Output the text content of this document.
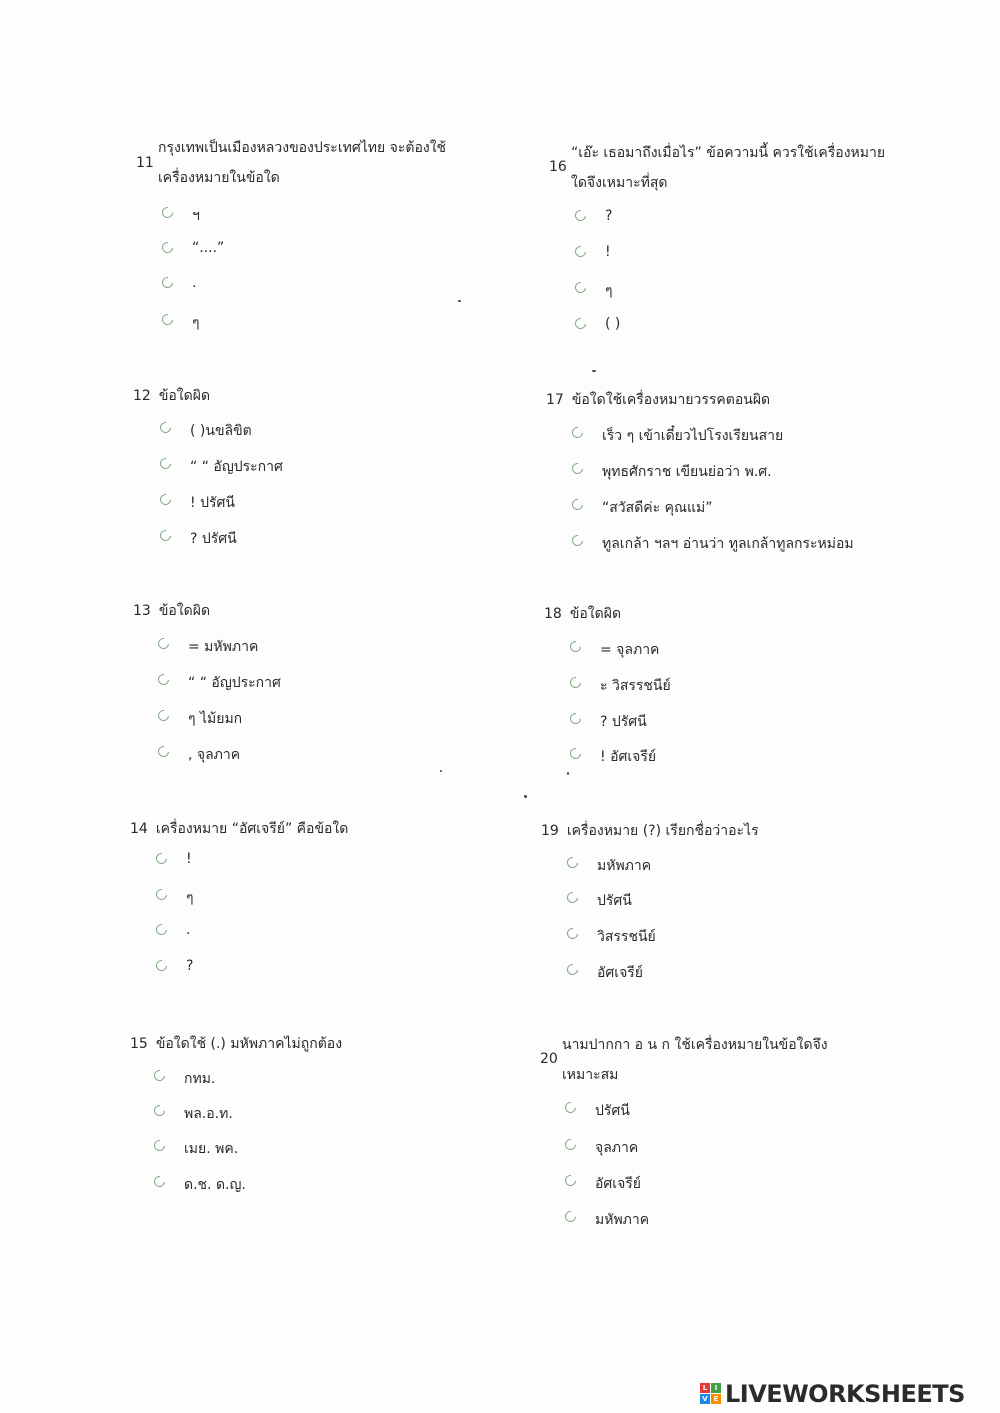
11
กรุงเทพเป็นเมืองหลวงของประเทศไทย จะต้องใช้
เครื่องหมายในข้อใด
ฯ
“....”
.
ๆ
12 ข้อใดผิด
( )นขลิขิต
“ “ อัญประกาศ
! ปรัศนี
? ปรัศนี
13 ข้อใดผิด
= มหัพภาค
“ “ อัญประกาศ
ๆ ไม้ยมก
, จุลภาค
14 เครื่องหมาย “อัศเจรีย์” คือข้อใด
!
ๆ
.
?
15 ข้อใดใช้ (.) มหัพภาคไม่ถูกต้อง
กทม.
พล.อ.ท.
เมย. พค.
ด.ช. ด.ญ.
16
“เอ๊ะ เธอมาถึงเมื่อไร” ข้อความนี้ ควรใช้เครื่องหมาย
ใดจึงเหมาะที่สุด
?
!
ๆ
( )
17 ข้อใดใช้เครื่องหมายวรรคตอนผิด
เร็ว ๆ เข้าเดี๋ยวไปโรงเรียนสาย
พุทธศักราช เขียนย่อว่า พ.ศ.
“สวัสดีค่ะ คุณแม่”
ทูลเกล้า ฯลฯ อ่านว่า ทูลเกล้าทูลกระหม่อม
18 ข้อใดผิด
= จุลภาค
ะ วิสรรชนีย์
? ปรัศนี
! อัศเจรีย์
19 เครื่องหมาย (?) เรียกชื่อว่าอะไร
มหัพภาค
ปรัศนี
วิสรรชนีย์
อัศเจรีย์
20
นามปากกา อ น ก ใช้เครื่องหมายในข้อใดจึง
เหมาะสม
ปรัศนี
จุลภาค
อัศเจรีย์
มหัพภาค
L	I
V E LIVEWORKSHEETS
